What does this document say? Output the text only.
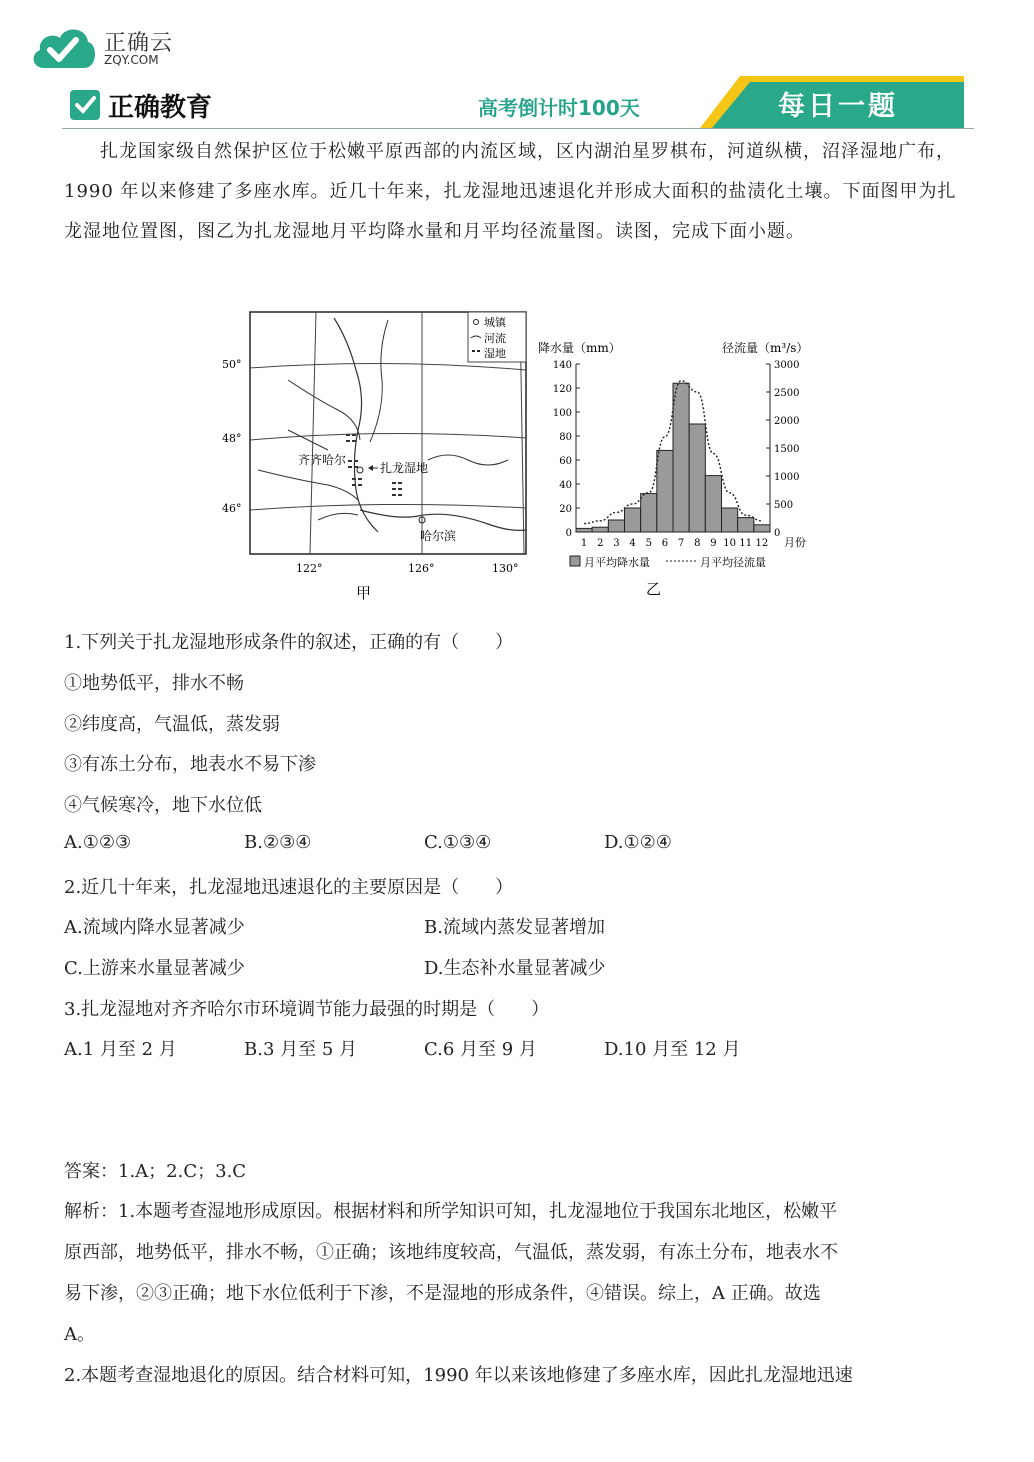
正确云
ZQY.COM
正确教育	高考倒计时100天	每日一题
扎龙国家级自然保护区位于松嫩平原西部的内流区域，区内湖泊星罗棋布，河道纵横，沼泽湿地广布，1990 年以来修建了多座水库。近几十年来，扎龙湿地迅速退化并形成大面积的盐渍化土壤。下面图甲为扎龙湿地位置图，图乙为扎龙湿地月平均降水量和月平均径流量图。读图，完成下面小题。
齐齐哈尔
扎龙湿地
哈尔滨
城镇
河流
湿地
50°
48°
46°
122°	126°	130°
甲
降水量（mm）	径流量（m³/s）
月份
乙
月平均降水量	月平均径流量
0
20
40
60
80
100
120
140
0
500
1000
1500
2000
2500
3000
1 2 3 4 5 6 7 8 9 10 11 12
1.下列关于扎龙湿地形成条件的叙述，正确的有（　　）
①地势低平，排水不畅
②纬度高，气温低，蒸发弱
③有冻土分布，地表水不易下渗
④气候寒冷，地下水位低
A.①②③	B.②③④	C.①③④	D.①②④
2.近几十年来，扎龙湿地迅速退化的主要原因是（　　）
A.流域内降水显著减少	B.流域内蒸发显著增加
C.上游来水量显著减少	D.生态补水量显著减少
3.扎龙湿地对齐齐哈尔市环境调节能力最强的时期是（　　）
A.1 月至 2 月	B.3 月至 5 月	C.6 月至 9 月	D.10 月至 12 月
答案：1.A；2.C；3.C
解析：1.本题考查湿地形成原因。根据材料和所学知识可知，扎龙湿地位于我国东北地区，松嫩平
原西部，地势低平，排水不畅，①正确；该地纬度较高，气温低，蒸发弱，有冻土分布，地表水不
易下渗，②③正确；地下水位低利于下渗，不是湿地的形成条件，④错误。综上，A 正确。故选
A。
2.本题考查湿地退化的原因。结合材料可知，1990 年以来该地修建了多座水库，因此扎龙湿地迅速
